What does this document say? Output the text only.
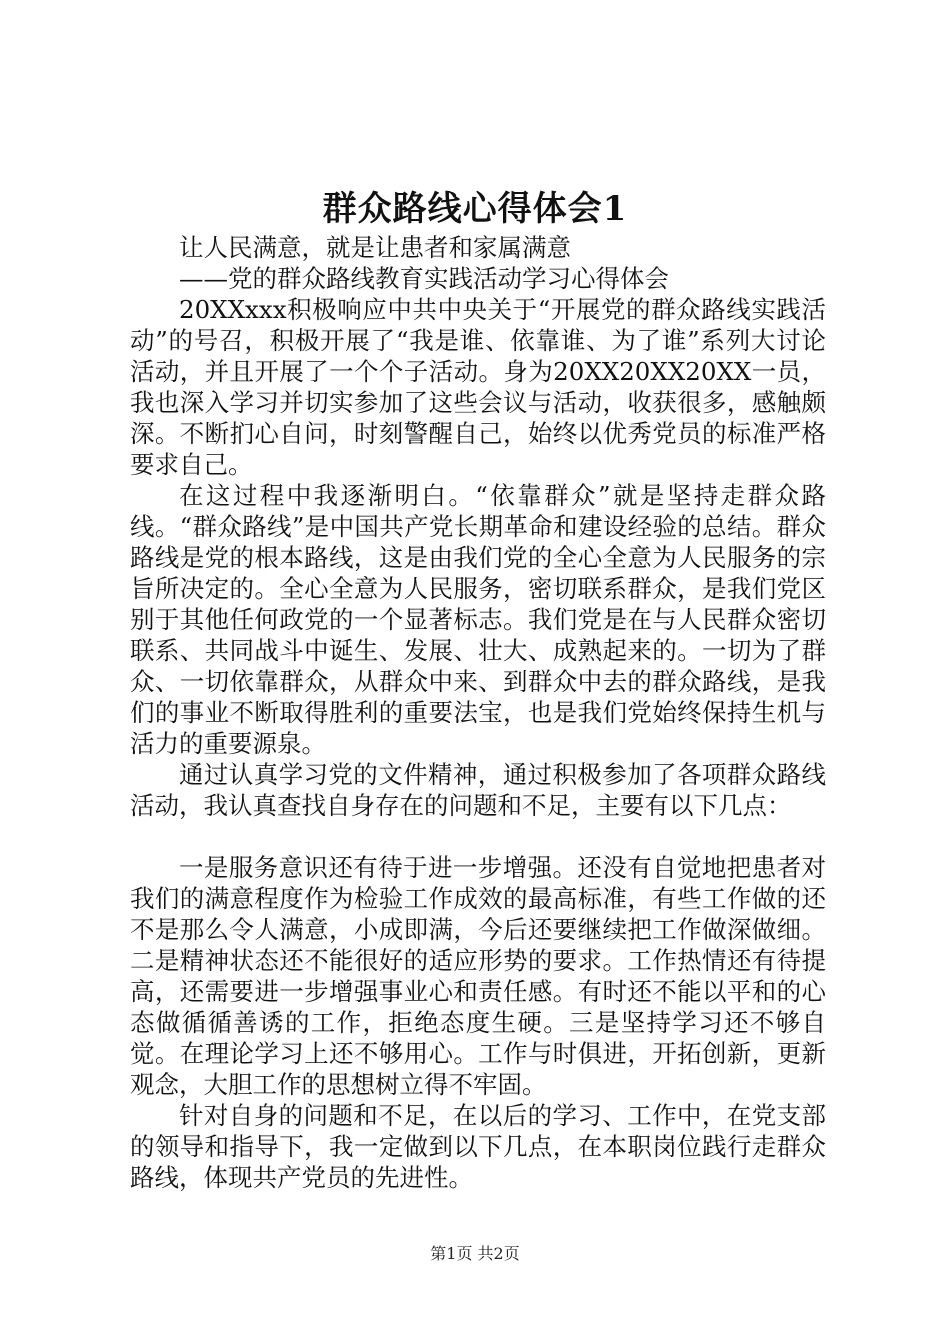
群众路线心得体会1

让人民满意，就是让患者和家属满意

——党的群众路线教育实践活动学习心得体会

20XXxxx积极响应中共中央关于“开展党的群众路线实践活动”的号召，积极开展了“我是谁、依靠谁、为了谁”系列大讨论活动，并且开展了一个个子活动。身为20XX20XX20XX一员，我也深入学习并切实参加了这些会议与活动，收获很多，感触颇深。不断扪心自问，时刻警醒自己，始终以优秀党员的标准严格要求自己。

在这过程中我逐渐明白。“依靠群众”就是坚持走群众路线。“群众路线”是中国共产党长期革命和建设经验的总结。群众路线是党的根本路线，这是由我们党的全心全意为人民服务的宗旨所决定的。全心全意为人民服务，密切联系群众，是我们党区别于其他任何政党的一个显著标志。我们党是在与人民群众密切联系、共同战斗中诞生、发展、壮大、成熟起来的。一切为了群众、一切依靠群众，从群众中来、到群众中去的群众路线，是我们的事业不断取得胜利的重要法宝，也是我们党始终保持生机与活力的重要源泉。

通过认真学习党的文件精神，通过积极参加了各项群众路线活动，我认真查找自身存在的问题和不足，主要有以下几点：

一是服务意识还有待于进一步增强。还没有自觉地把患者对我们的满意程度作为检验工作成效的最高标准，有些工作做的还不是那么令人满意，小成即满，今后还要继续把工作做深做细。二是精神状态还不能很好的适应形势的要求。工作热情还有待提高，还需要进一步增强事业心和责任感。有时还不能以平和的心态做循循善诱的工作，拒绝态度生硬。三是坚持学习还不够自觉。在理论学习上还不够用心。工作与时俱进，开拓创新，更新观念，大胆工作的思想树立得不牢固。

针对自身的问题和不足，在以后的学习、工作中，在党支部的领导和指导下，我一定做到以下几点，在本职岗位践行走群众路线，体现共产党员的先进性。

第1页 共2页
